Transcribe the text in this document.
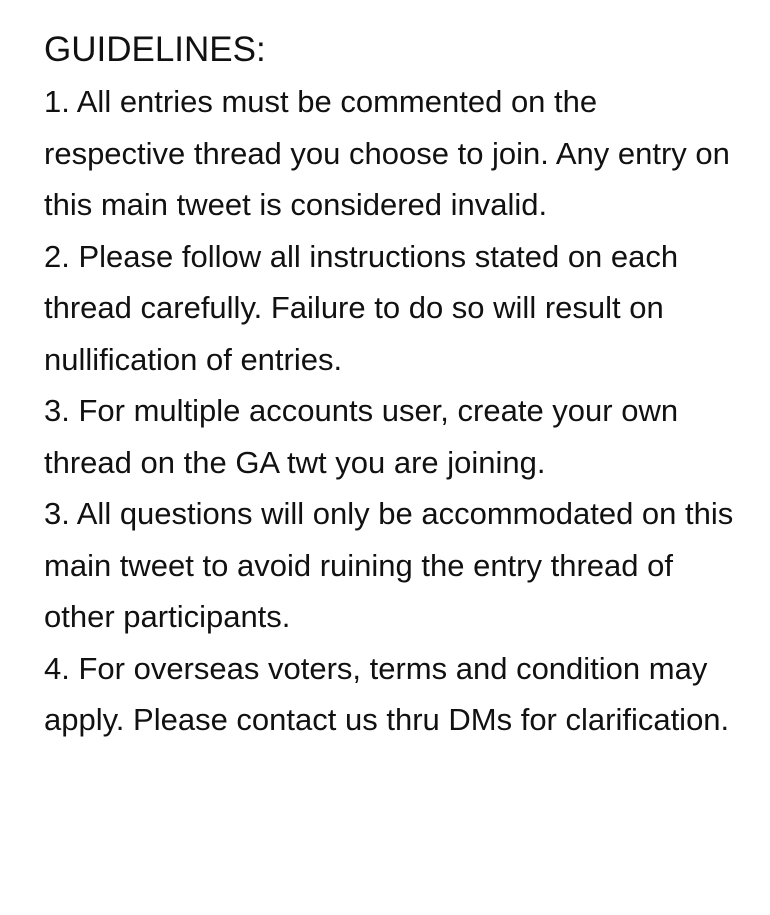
GUIDELINES:

1. All entries must be commented on the respective thread you choose to join. Any entry on this main tweet is considered invalid.

2. Please follow all instructions stated on each thread carefully. Failure to do so will result on nullification of entries.

3. For multiple accounts user, create your own thread on the GA twt you are joining.

3. All questions will only be accommodated on this main tweet to avoid ruining the entry thread of other participants.

4. For overseas voters, terms and condition may apply. Please contact us thru DMs for clarification.
